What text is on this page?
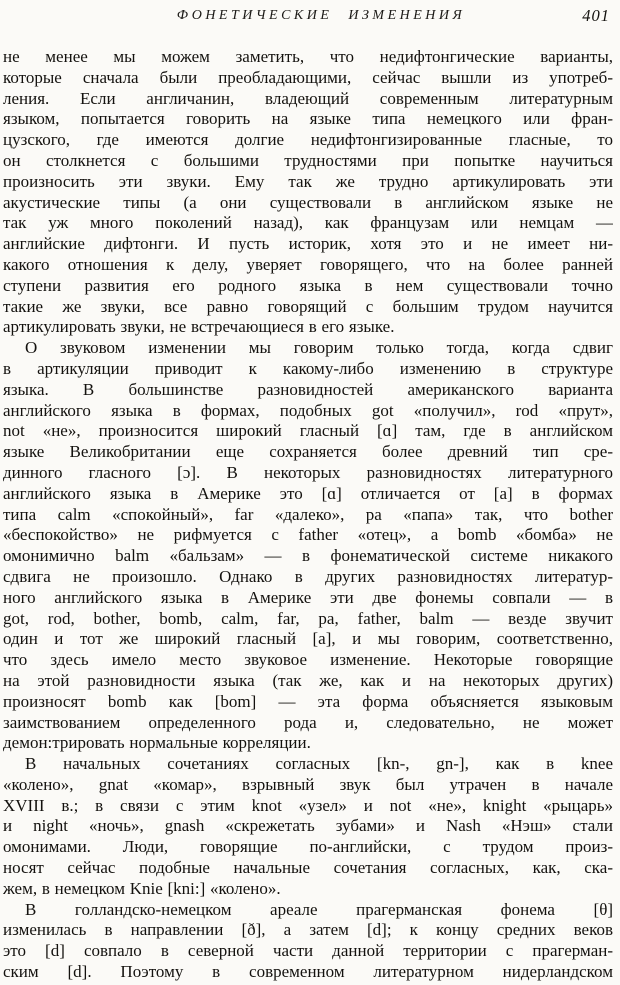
ФОНЕТИЧЕСКИЕ ИЗМЕНЕНИЯ	401
не менее мы можем заметить, что недифтонгические варианты,
которые сначала были преобладающими, сейчас вышли из употреб-
ления. Если англичанин, владеющий современным литературным
языком, попытается говорить на языке типа немецкого или фран-
цузского, где имеются долгие недифтонгизированные гласные, то
он столкнется с большими трудностями при попытке научиться
произносить эти звуки. Ему так же трудно артикулировать эти
акустические типы (а они существовали в английском языке не
так уж много поколений назад), как французам или немцам —
английские дифтонги. И пусть историк, хотя это и не имеет ни-
какого отношения к делу, уверяет говорящего, что на более ранней
ступени развития его родного языка в нем существовали точно
такие же звуки, все равно говорящий с большим трудом научится
артикулировать звуки, не встречающиеся в его языке.
О звуковом изменении мы говорим только тогда, когда сдвиг
в артикуляции приводит к какому-либо изменению в структуре
языка. В большинстве разновидностей американского варианта
английского языка в формах, подобных got «получил», rod «прут»,
not «не», произносится широкий гласный [ɑ] там, где в английском
языке Великобритании еще сохраняется более древний тип сре-
динного гласного [ɔ]. В некоторых разновидностях литературного
английского языка в Америке это [ɑ] отличается от [a] в формах
типа calm «спокойный», far «далеко», pa «папа» так, что bother
«беспокойство» не рифмуется с father «отец», а bomb «бомба» не
омонимично balm «бальзам» — в фонематической системе никакого
сдвига не произошло. Однако в других разновидностях литератур-
ного английского языка в Америке эти две фонемы совпали — в
got, rod, bother, bomb, calm, far, pa, father, balm — везде звучит
один и тот же широкий гласный [a], и мы говорим, соответственно,
что здесь имело место звуковое изменение. Некоторые говорящие
на этой разновидности языка (так же, как и на некоторых других)
произносят bomb как [bom] — эта форма объясняется языковым
заимствованием определенного рода и, следовательно, не может
демон:трировать нормальные корреляции.
В начальных сочетаниях согласных [kn-, gn-], как в knee
«колено», gnat «комар», взрывный звук был утрачен в начале
XVIII в.; в связи с этим knot «узел» и not «не», knight «рыцарь»
и night «ночь», gnash «скрежетать зубами» и Nash «Нэш» стали
омонимами. Люди, говорящие по-английски, с трудом произ-
носят сейчас подобные начальные сочетания согласных, как, ска-
жем, в немецком Knie [kni:] «колено».
В голландско-немецком ареале прагерманская фонема [θ]
изменилась в направлении [ð], а затем [d]; к концу средних веков
это [d] совпало в северной части данной территории с прагерман-
ским [d]. Поэтому в современном литературном нидерландском
